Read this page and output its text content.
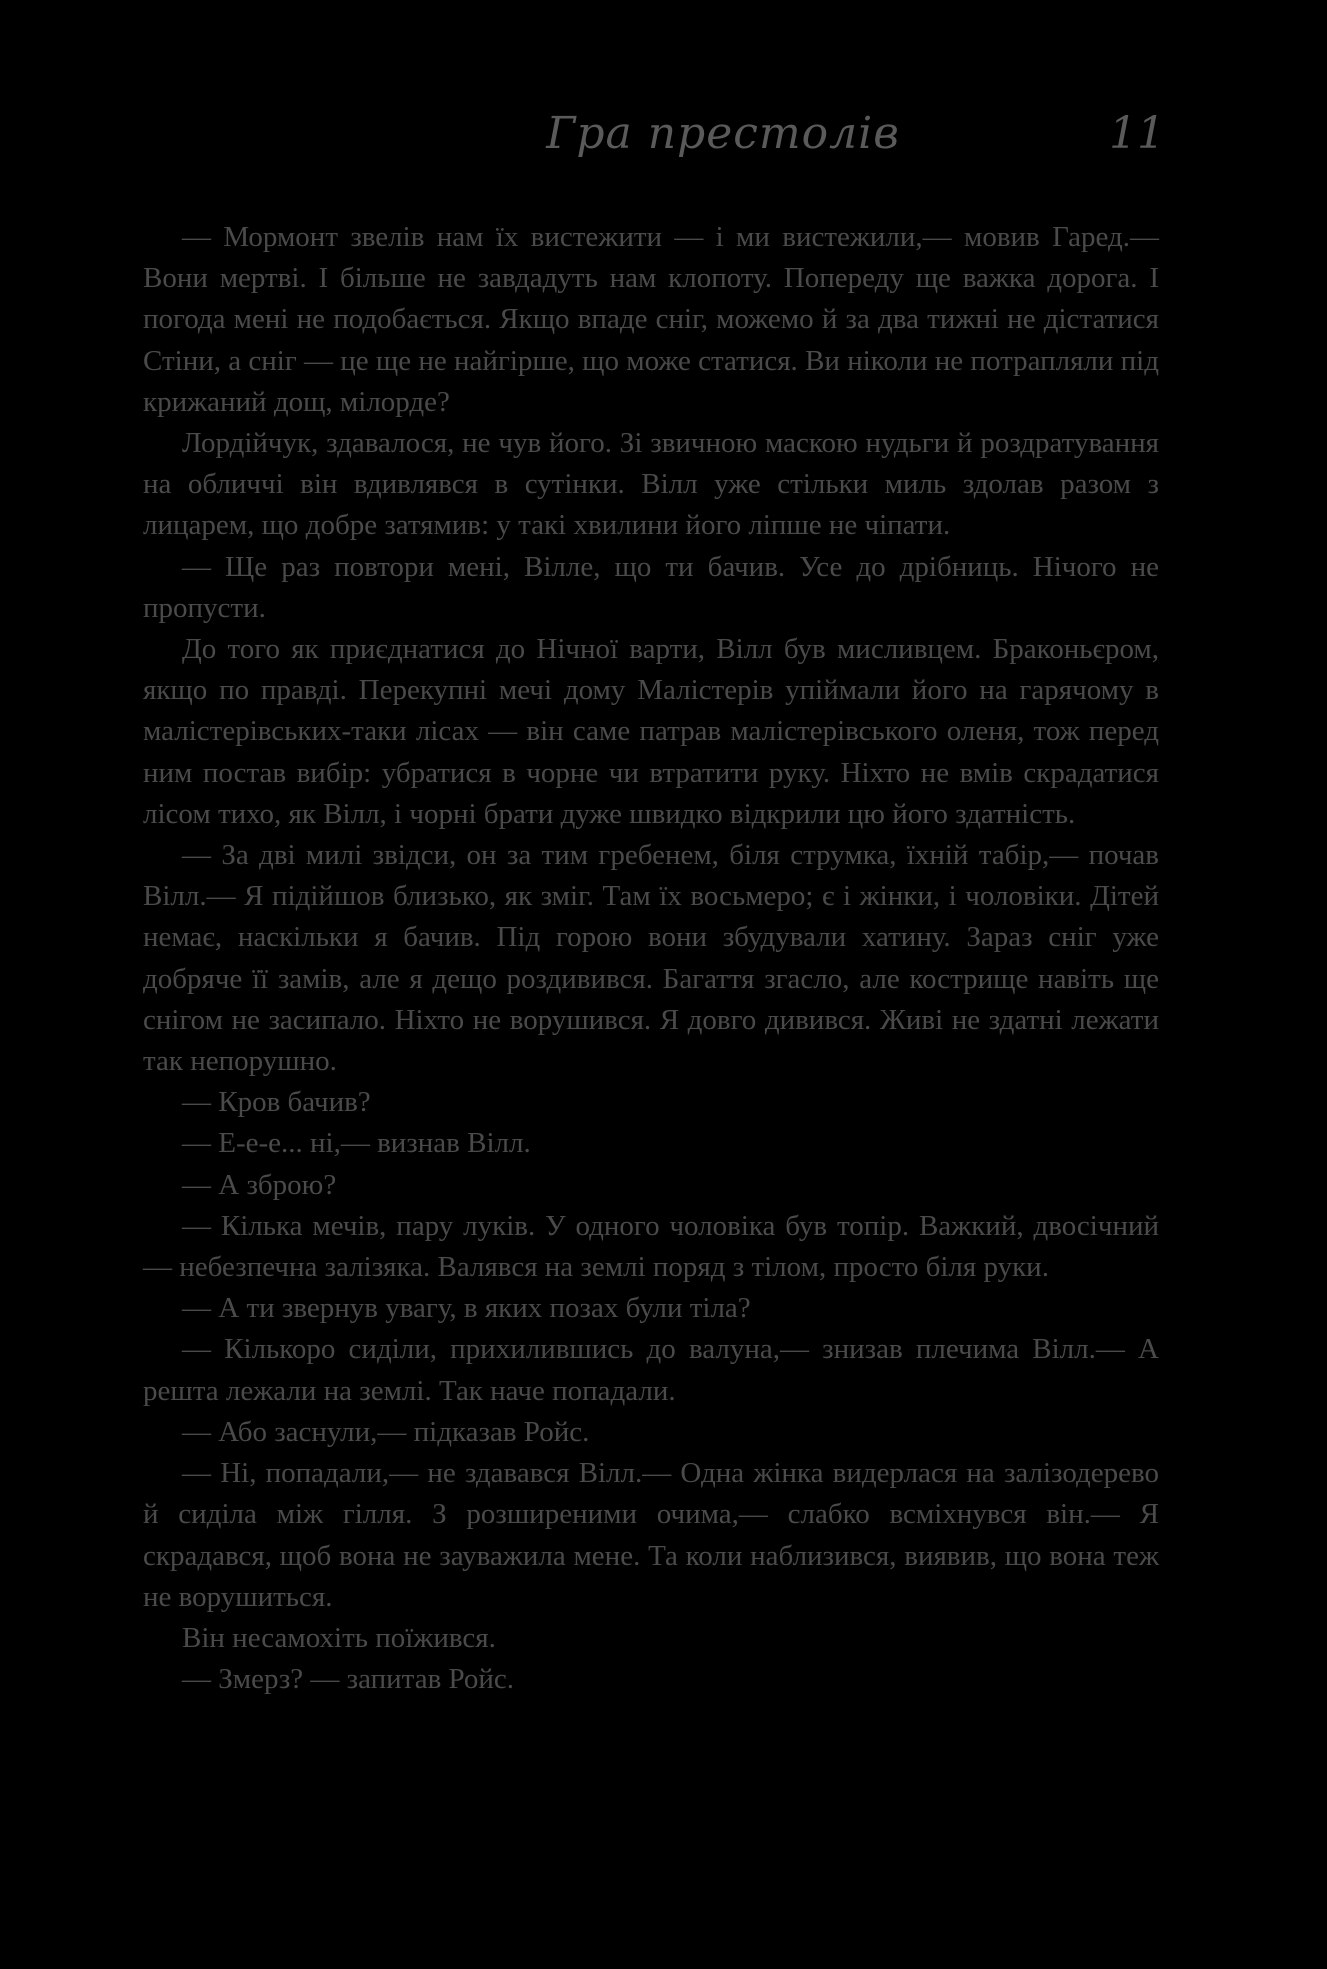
Гра престолів	11

— Мормонт звелів нам їх вистежити — і ми вистежили,— мовив Гаред.— Вони мертві. І більше не завдадуть нам клопоту. Попереду ще важка дорога. І погода мені не подобається. Якщо впаде сніг, можемо й за два тижні не дістатися Стіни, а сніг — це ще не найгірше, що може статися. Ви ніколи не потрапляли під крижаний дощ, мілорде?

Лордійчук, здавалося, не чув його. Зі звичною маскою нудьги й роздратування на обличчі він вдивлявся в сутінки. Вілл уже стільки миль здолав разом з лицарем, що добре затямив: у такі хвилини його ліпше не чіпати.

— Ще раз повтори мені, Вілле, що ти бачив. Усе до дрібниць. Нічого не пропусти.

До того як приєднатися до Нічної варти, Вілл був мисливцем. Браконьєром, якщо по правді. Перекупні мечі дому Малістерів упіймали його на гарячому в малістерівських-таки лісах — він саме патрав малістерівського оленя, тож перед ним постав вибір: убратися в чорне чи втратити руку. Ніхто не вмів скрадатися лісом тихо, як Вілл, і чорні брати дуже швидко відкрили цю його здатність.

— За дві милі звідси, он за тим гребенем, біля струмка, їхній табір,— почав Вілл.— Я підійшов близько, як зміг. Там їх восьмеро; є і жінки, і чоловіки. Дітей немає, наскільки я бачив. Під горою вони збудували хатину. Зараз сніг уже добряче її замів, але я дещо роздивився. Багаття згасло, але кострище навіть ще снігом не засипало. Ніхто не ворушився. Я довго дивився. Живі не здатні лежати так непорушно.

— Кров бачив?

— Е-е-е... ні,— визнав Вілл.

— А зброю?

— Кілька мечів, пару луків. У одного чоловіка був топір. Важкий, двосічний — небезпечна залізяка. Валявся на землі поряд з тілом, просто біля руки.

— А ти звернув увагу, в яких позах були тіла?

— Кількоро сиділи, прихилившись до валуна,— знизав плечима Вілл.— А решта лежали на землі. Так наче попадали.

— Або заснули,— підказав Ройс.

— Ні, попадали,— не здавався Вілл.— Одна жінка видерлася на залізодерево й сиділа між гілля. З розширеними очима,— слабко всміхнувся він.— Я скрадався, щоб вона не зауважила мене. Та коли наблизився, виявив, що вона теж не ворушиться.

Він несамохіть поїжився.

— Змерз? — запитав Ройс.
